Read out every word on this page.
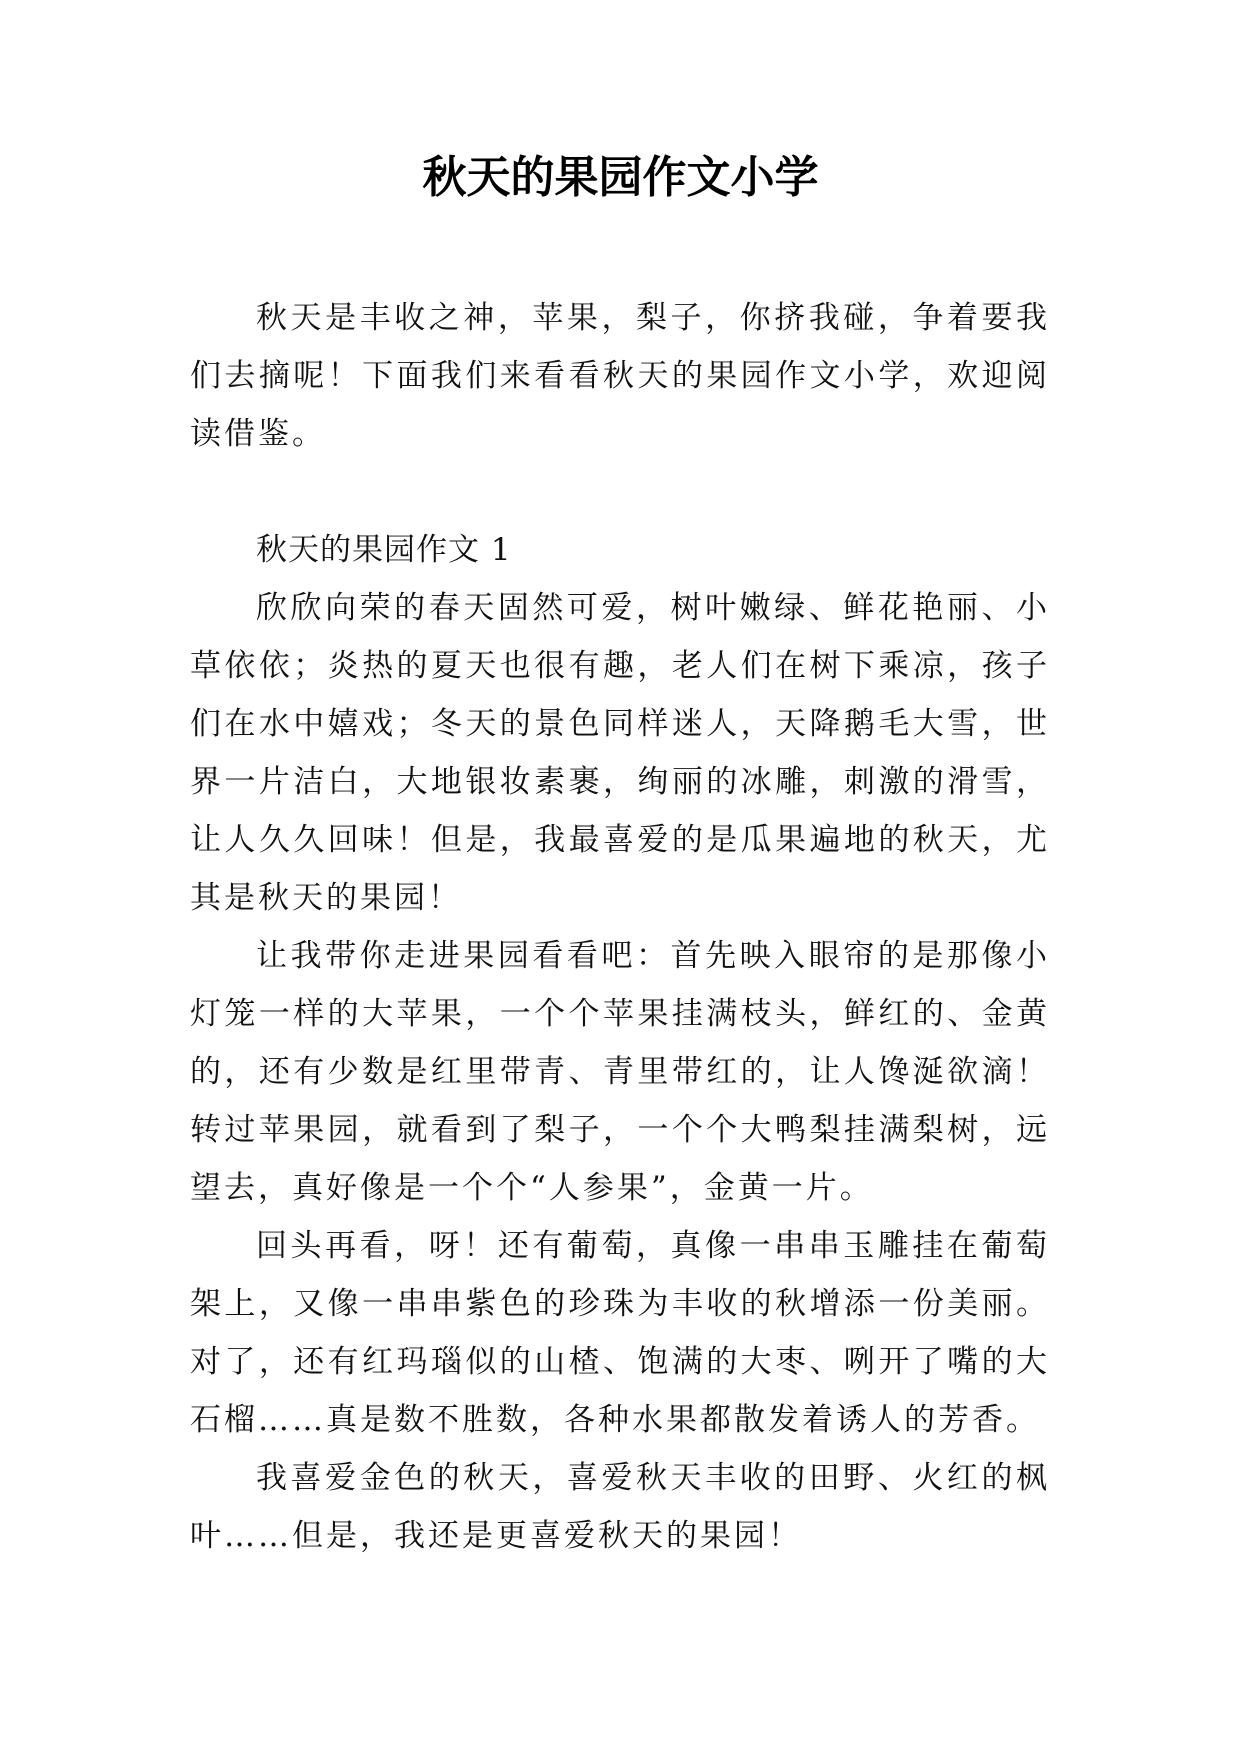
秋天的果园作文小学

秋天是丰收之神，苹果，梨子，你挤我碰，争着要我们去摘呢！下面我们来看看秋天的果园作文小学，欢迎阅读借鉴。

秋天的果园作文 1

欣欣向荣的春天固然可爱，树叶嫩绿、鲜花艳丽、小草依依；炎热的夏天也很有趣，老人们在树下乘凉，孩子们在水中嬉戏；冬天的景色同样迷人，天降鹅毛大雪，世界一片洁白，大地银妆素裹，绚丽的冰雕，刺激的滑雪，让人久久回味！但是，我最喜爱的是瓜果遍地的秋天，尤其是秋天的果园！

让我带你走进果园看看吧：首先映入眼帘的是那像小灯笼一样的大苹果，一个个苹果挂满枝头，鲜红的、金黄的，还有少数是红里带青、青里带红的，让人馋涎欲滴！转过苹果园，就看到了梨子，一个个大鸭梨挂满梨树，远望去，真好像是一个个“人参果”，金黄一片。

回头再看，呀！还有葡萄，真像一串串玉雕挂在葡萄架上，又像一串串紫色的珍珠为丰收的秋增添一份美丽。对了，还有红玛瑙似的山楂、饱满的大枣、咧开了嘴的大石榴……真是数不胜数，各种水果都散发着诱人的芳香。

我喜爱金色的秋天，喜爱秋天丰收的田野、火红的枫叶……但是，我还是更喜爱秋天的果园！
